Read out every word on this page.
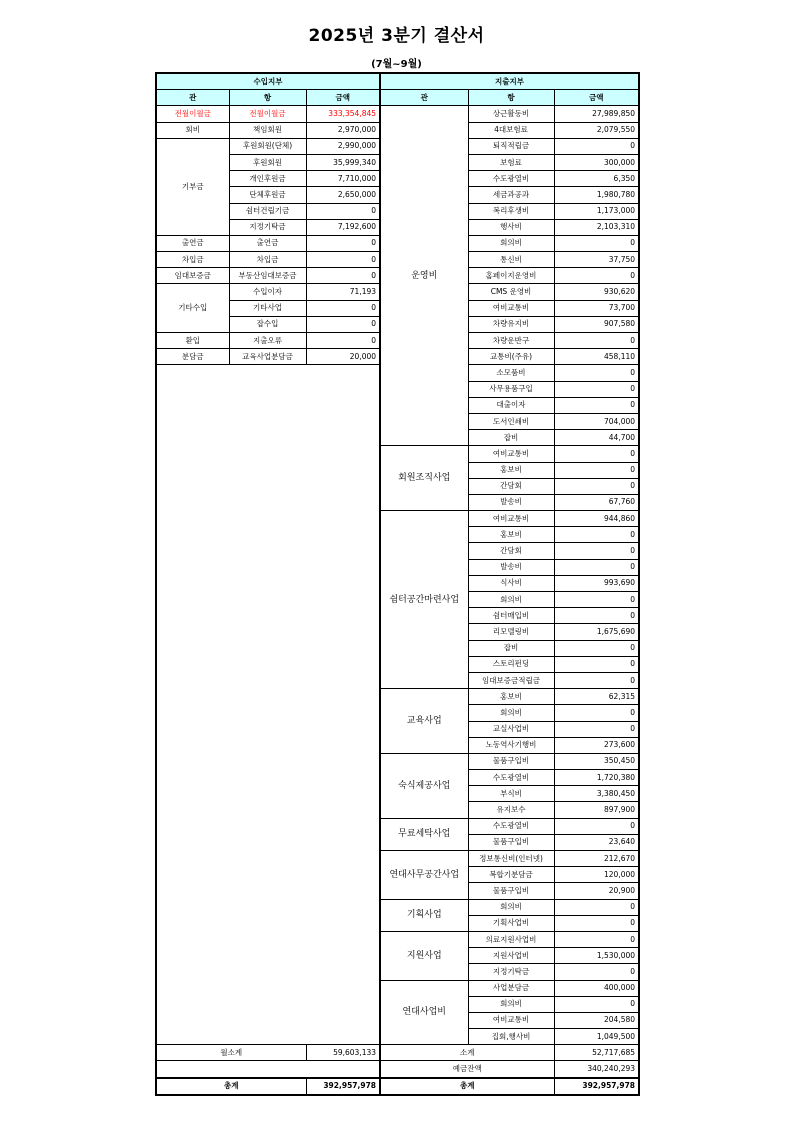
2025년 3분기 결산서
(7월~9월)
수입지부			지출지부		
관	항	금액	관	항	금액
전월이월금	전월이월금	333,354,845	운영비	상근활동비	27,989,850
회비	책임회원	2,970,000		4대보험료	2,079,550
기부금	후원회원(단체)	2,990,000		퇴직적립금	0
	후원회원	35,999,340		보험료	300,000
	개인후원금	7,710,000		수도광열비	6,350
	단체후원금	2,650,000		세금과공과	1,980,780
	쉼터건립기금	0		복리후생비	1,173,000
	지정기탁금	7,192,600		행사비	2,103,310
출연금	출연금	0		회의비	0
차입금	차입금	0		통신비	37,750
임대보증금	부동산임대보증금	0		홈페이지운영비	0
기타수입	수입이자	71,193		CMS 운영비	930,620
	기타사업	0		여비교통비	73,700
	잡수입	0		차량유지비	907,580
환입	지출오류	0		차량운반구	0
분담금	교육사업분담금	20,000		교통비(주유)	458,110
				소모품비	0
				사무용품구입	0
				대출이자	0
				도서인쇄비	704,000
				잡비	44,700
			회원조직사업	여비교통비	0
				홍보비	0
				간담회	0
				발송비	67,760
			쉼터공간마련사업	여비교통비	944,860
				홍보비	0
				간담회	0
				발송비	0
				식사비	993,690
				회의비	0
				쉼터매입비	0
				리모델링비	1,675,690
				잡비	0
				스토리펀딩	0
				임대보증금적립금	0
			교육사업	홍보비	62,315
				회의비	0
				교실사업비	0
				노동역사기행비	273,600
			숙식제공사업	물품구입비	350,450
				수도광열비	1,720,380
				부식비	3,380,450
				유지보수	897,900
			무료세탁사업	수도광열비	0
				물품구입비	23,640
			연대사무공간사업	정보통신비(인터넷)	212,670
				복합기분담금	120,000
				물품구입비	20,900
			기획사업	회의비	0
				기획사업비	0
			지원사업	의료지원사업비	0
				지원사업비	1,530,000
				지정기탁금	0
			연대사업비	사업분담금	400,000
				회의비	0
				여비교통비	204,580
				집회,행사비	1,049,500
월소계		59,603,133	소계		52,717,685
			예금잔액		340,240,293
총계		392,957,978	총계		392,957,978
